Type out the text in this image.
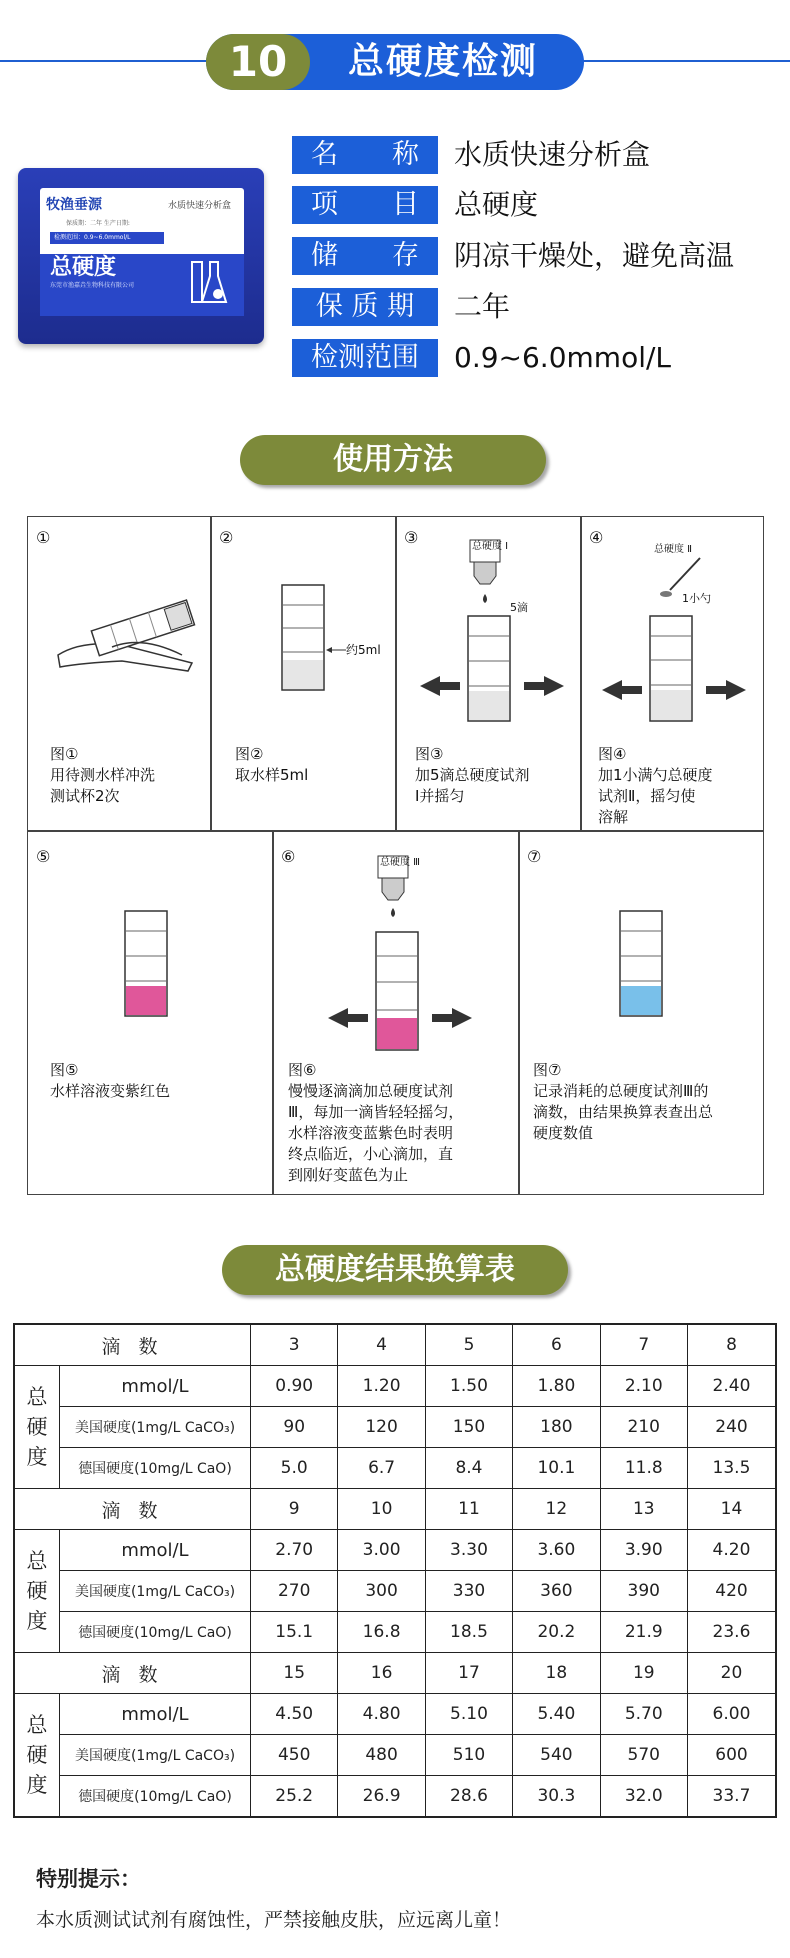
10	总硬度检测
牧渔垂源	水质快速分析盒
保质期：二年 生产日期:
检测范围：0.9~6.0mmol/L
总硬度
东莞市渔嘉垚生物科技有限公司
名　　称	水质快速分析盒
项　　目	总硬度
储　　存	阴凉干燥处，避免高温
保 质 期	二年
检测范围	0.9~6.0mmol/L
使用方法
①	②	③	④
⑤	⑥	⑦
约5ml
总硬度 Ⅰ
5滴
总硬度 Ⅱ
1小勺
总硬度 Ⅲ
图①
用待测水样冲洗
测试杯2次
图②
取水样5ml
图③
加5滴总硬度试剂
Ⅰ并摇匀
图④
加1小满勺总硬度
试剂Ⅱ，摇匀使
溶解
图⑤
水样溶液变紫红色
图⑥
慢慢逐滴滴加总硬度试剂
Ⅲ，每加一滴皆轻轻摇匀，
水样溶液变蓝紫色时表明
终点临近，小心滴加，直
到刚好变蓝色为止
图⑦
记录消耗的总硬度试剂Ⅲ的
滴数，由结果换算表查出总
硬度数值
总硬度结果换算表
滴 数		3	4	5	6	7	8
总
硬
度	mmol/L	0.90	1.20	1.50	1.80	2.10	2.40
	美国硬度(1mg/L CaCO₃)	90	120	150	180	210	240
	德国硬度(10mg/L CaO)	5.0	6.7	8.4	10.1	11.8	13.5
滴 数		9	10	11	12	13	14
总
硬
度	mmol/L	2.70	3.00	3.30	3.60	3.90	4.20
	美国硬度(1mg/L CaCO₃)	270	300	330	360	390	420
	德国硬度(10mg/L CaO)	15.1	16.8	18.5	20.2	21.9	23.6
滴 数		15	16	17	18	19	20
总
硬
度	mmol/L	4.50	4.80	5.10	5.40	5.70	6.00
	美国硬度(1mg/L CaCO₃)	450	480	510	540	570	600
	德国硬度(10mg/L CaO)	25.2	26.9	28.6	30.3	32.0	33.7
特别提示：
本水质测试试剂有腐蚀性，严禁接触皮肤，应远离儿童！
